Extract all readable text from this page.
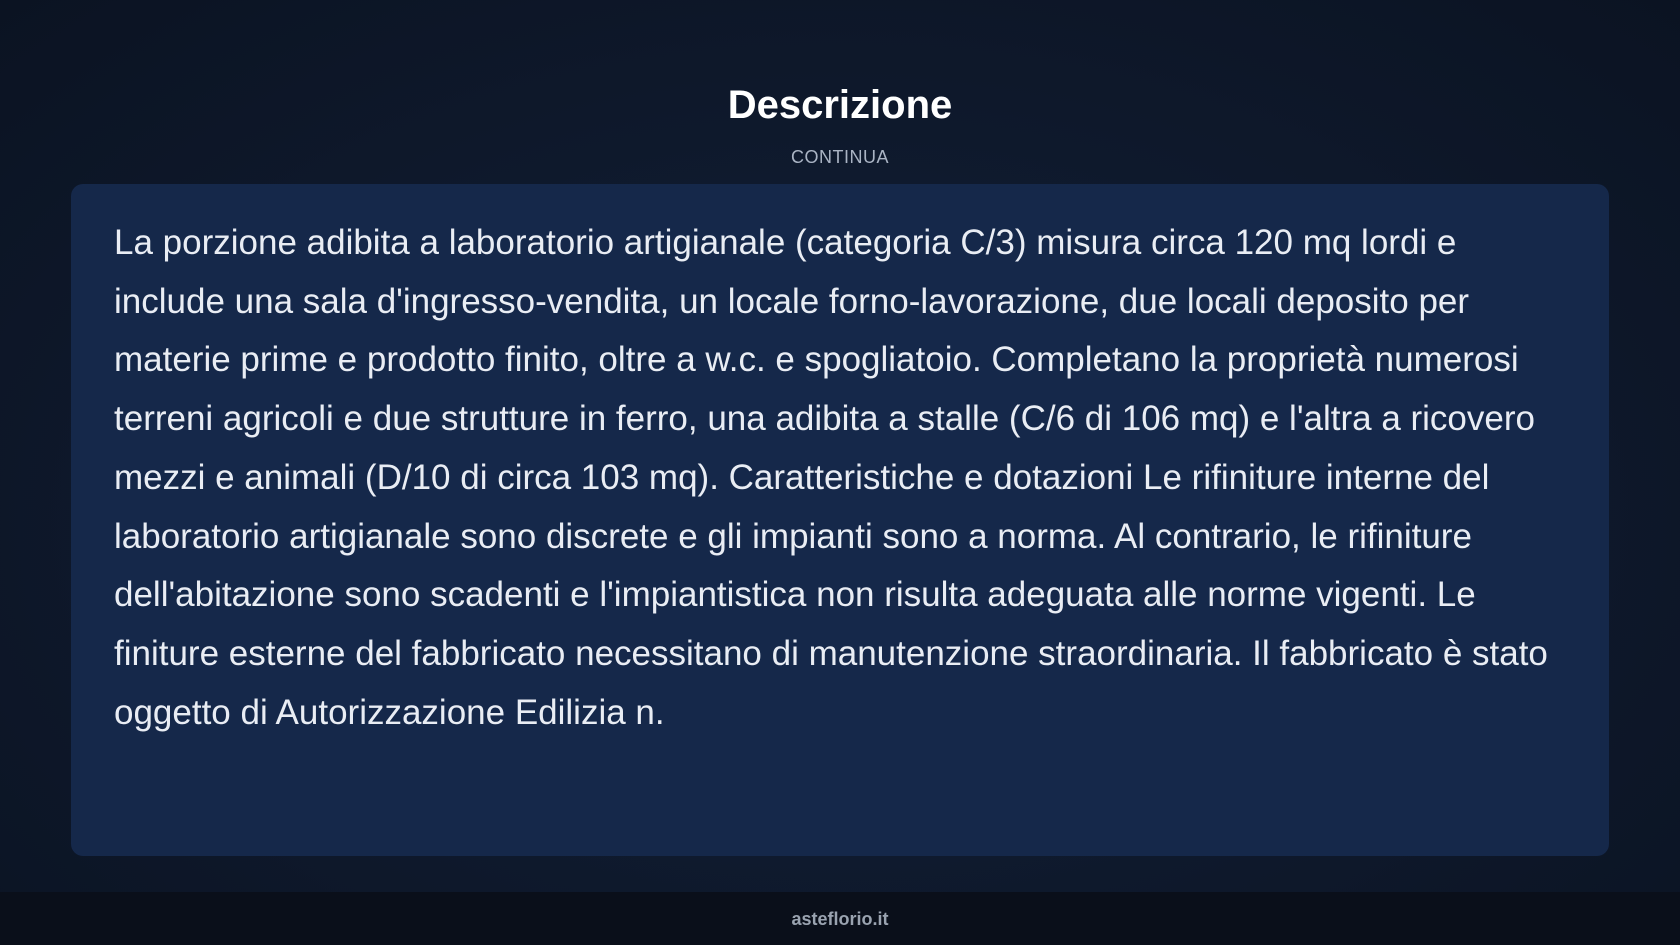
Descrizione
CONTINUA

La porzione adibita a laboratorio artigianale (categoria C/3) misura circa 120 mq lordi e include una sala d'ingresso-vendita, un locale forno-lavorazione, due locali deposito per materie prime e prodotto finito, oltre a w.c. e spogliatoio. Completano la proprietà numerosi terreni agricoli e due strutture in ferro, una adibita a stalle (C/6 di 106 mq) e l'altra a ricovero mezzi e animali (D/10 di circa 103 mq). Caratteristiche e dotazioni Le rifiniture interne del laboratorio artigianale sono discrete e gli impianti sono a norma. Al contrario, le rifiniture dell'abitazione sono scadenti e l'impiantistica non risulta adeguata alle norme vigenti. Le finiture esterne del fabbricato necessitano di manutenzione straordinaria. Il fabbricato è stato oggetto di Autorizzazione Edilizia n.

asteflorio.it
